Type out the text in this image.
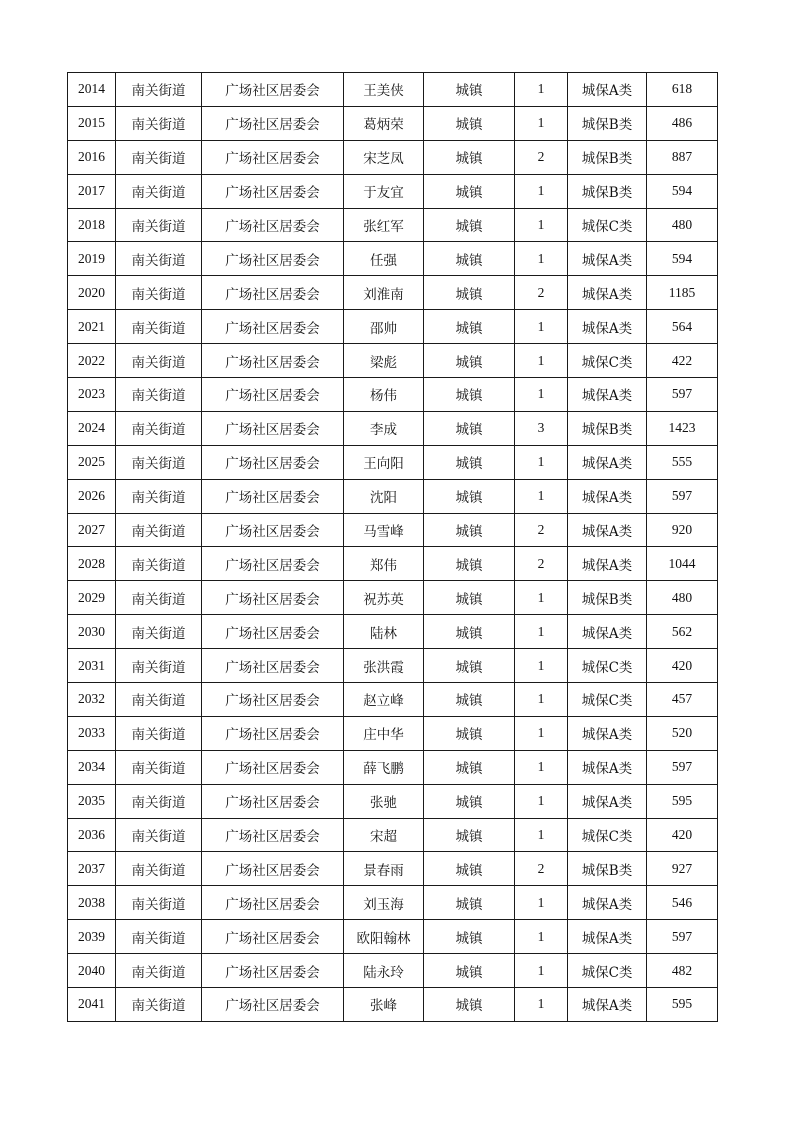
2014	南关街道	广场社区居委会	王美侠	城镇	1	城保A类	618
2015	南关街道	广场社区居委会	葛炳荣	城镇	1	城保B类	486
2016	南关街道	广场社区居委会	宋芝凤	城镇	2	城保B类	887
2017	南关街道	广场社区居委会	于友宜	城镇	1	城保B类	594
2018	南关街道	广场社区居委会	张红军	城镇	1	城保C类	480
2019	南关街道	广场社区居委会	任强	城镇	1	城保A类	594
2020	南关街道	广场社区居委会	刘淮南	城镇	2	城保A类	1185
2021	南关街道	广场社区居委会	邵帅	城镇	1	城保A类	564
2022	南关街道	广场社区居委会	梁彪	城镇	1	城保C类	422
2023	南关街道	广场社区居委会	杨伟	城镇	1	城保A类	597
2024	南关街道	广场社区居委会	李成	城镇	3	城保B类	1423
2025	南关街道	广场社区居委会	王向阳	城镇	1	城保A类	555
2026	南关街道	广场社区居委会	沈阳	城镇	1	城保A类	597
2027	南关街道	广场社区居委会	马雪峰	城镇	2	城保A类	920
2028	南关街道	广场社区居委会	郑伟	城镇	2	城保A类	1044
2029	南关街道	广场社区居委会	祝苏英	城镇	1	城保B类	480
2030	南关街道	广场社区居委会	陆林	城镇	1	城保A类	562
2031	南关街道	广场社区居委会	张洪霞	城镇	1	城保C类	420
2032	南关街道	广场社区居委会	赵立峰	城镇	1	城保C类	457
2033	南关街道	广场社区居委会	庄中华	城镇	1	城保A类	520
2034	南关街道	广场社区居委会	薛飞鹏	城镇	1	城保A类	597
2035	南关街道	广场社区居委会	张驰	城镇	1	城保A类	595
2036	南关街道	广场社区居委会	宋超	城镇	1	城保C类	420
2037	南关街道	广场社区居委会	景春雨	城镇	2	城保B类	927
2038	南关街道	广场社区居委会	刘玉海	城镇	1	城保A类	546
2039	南关街道	广场社区居委会	欧阳翰林	城镇	1	城保A类	597
2040	南关街道	广场社区居委会	陆永玲	城镇	1	城保C类	482
2041	南关街道	广场社区居委会	张峰	城镇	1	城保A类	595
